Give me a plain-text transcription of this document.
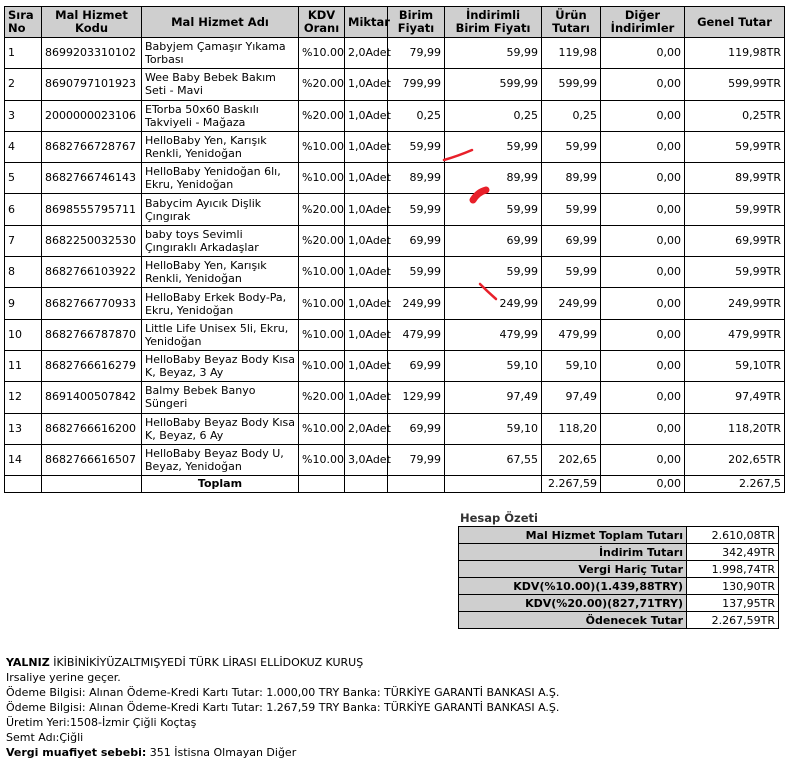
Sıra No	Mal Hizmet Kodu	Mal Hizmet Adı	KDV Oranı	Miktar	Birim Fiyatı	İndirimli Birim Fiyatı	Ürün Tutarı	Diğer İndirimler	Genel Tutar
1	8699203310102	Babyjem Çamaşır Yıkama Torbası	%10.00	2,0Adet	79,99	59,99	119,98	0,00	119,98TR
2	8690797101923	Wee Baby Bebek Bakım Seti - Mavi	%20.00	1,0Adet	799,99	599,99	599,99	0,00	599,99TR
3	2000000023106	ETorba 50x60 Baskılı Takviyeli - Mağaza	%20.00	1,0Adet	0,25	0,25	0,25	0,00	0,25TR
4	8682766728767	HelloBaby Yen, Karışık Renkli, Yenidoğan	%10.00	1,0Adet	59,99	59,99	59,99	0,00	59,99TR
5	8682766746143	HelloBaby Yenidoğan 6lı, Ekru, Yenidoğan	%10.00	1,0Adet	89,99	89,99	89,99	0,00	89,99TR
6	8698555795711	Babycim Ayıcık Dişlik Çıngırak	%20.00	1,0Adet	59,99	59,99	59,99	0,00	59,99TR
7	8682250032530	baby toys Sevimli Çıngıraklı Arkadaşlar	%20.00	1,0Adet	69,99	69,99	69,99	0,00	69,99TR
8	8682766103922	HelloBaby Yen, Karışık Renkli, Yenidoğan	%10.00	1,0Adet	59,99	59,99	59,99	0,00	59,99TR
9	8682766770933	HelloBaby Erkek Body-Pa, Ekru, Yenidoğan	%10.00	1,0Adet	249,99	249,99	249,99	0,00	249,99TR
10	8682766787870	Little Life Unisex 5li, Ekru, Yenidoğan	%10.00	1,0Adet	479,99	479,99	479,99	0,00	479,99TR
11	8682766616279	HelloBaby Beyaz Body Kısa K, Beyaz, 3 Ay	%10.00	1,0Adet	69,99	59,10	59,10	0,00	59,10TR
12	8691400507842	Balmy Bebek Banyo Süngeri	%20.00	1,0Adet	129,99	97,49	97,49	0,00	97,49TR
13	8682766616200	HelloBaby Beyaz Body Kısa K, Beyaz, 6 Ay	%10.00	2,0Adet	69,99	59,10	118,20	0,00	118,20TR
14	8682766616507	HelloBaby Beyaz Body U, Beyaz, Yenidoğan	%10.00	3,0Adet	79,99	67,55	202,65	0,00	202,65TR
		Toplam					2.267,59	0,00	2.267,5
Hesap Özeti
Mal Hizmet Toplam Tutarı	2.610,08TR
İndirim Tutarı	342,49TR
Vergi Hariç Tutar	1.998,74TR
KDV(%10.00)(1.439,88TRY)	130,90TR
KDV(%20.00)(827,71TRY)	137,95TR
Ödenecek Tutar	2.267,59TR
YALNIZ İKİBİNİKİYÜZALTMIŞYEDİ TÜRK LİRASI ELLİDOKUZ KURUŞ
Irsaliye yerine geçer.
Ödeme Bilgisi: Alınan Ödeme-Kredi Kartı Tutar: 1.000,00 TRY Banka: TÜRKİYE GARANTİ BANKASI A.Ş.
Ödeme Bilgisi: Alınan Ödeme-Kredi Kartı Tutar: 1.267,59 TRY Banka: TÜRKİYE GARANTİ BANKASI A.Ş.
Üretim Yeri:1508-İzmir Çiğli Koçtaş
Semt Adı:Çiğli
Vergi muafiyet sebebi: 351 İstisna Olmayan Diğer
